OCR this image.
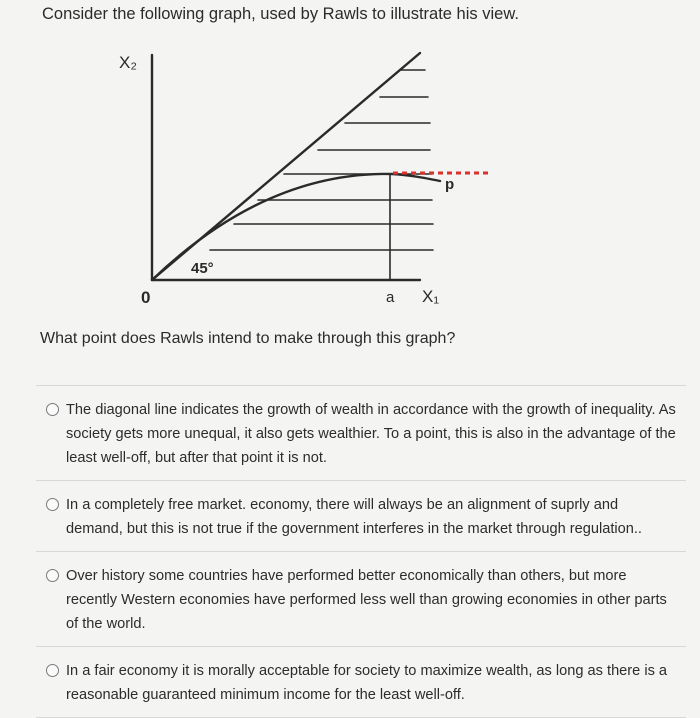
Consider the following graph, used by Rawls to illustrate his view.
X₂
X₁
0
45°
a
p
What point does Rawls intend to make through this graph?
The diagonal line indicates the growth of wealth in accordance with the growth of inequality. As society gets more unequal, it also gets wealthier. To a point, this is also in the advantage of the least well-off, but after that point it is not.
In a completely free market. economy, there will always be an alignment of suprly and demand, but this is not true if the government interferes in the market through regulation..
Over history some countries have performed better economically than others, but more recently Western economies have performed less well than growing economies in other parts of the world.
In a fair economy it is morally acceptable for society to maximize wealth, as long as there is a reasonable guaranteed minimum income for the least well-off.
